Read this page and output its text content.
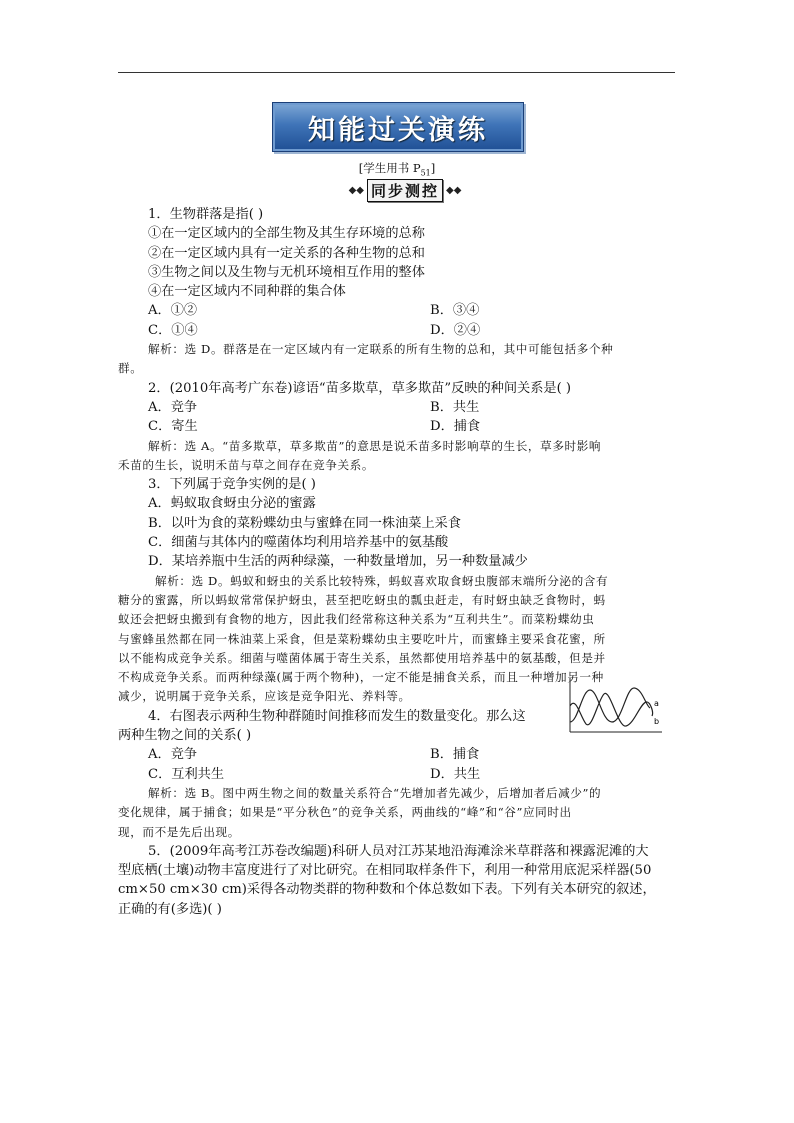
知能过关演练
[学生用书 $P_{51}$]
◆◆ 同步测控 ◆◆
1．生物群落是指( )
①在一定区域内的全部生物及其生存环境的总称
②在一定区域内具有一定关系的各种生物的总和
③生物之间以及生物与无机环境相互作用的整体
④在一定区域内不同种群的集合体
A．①②	B．③④
C．①④	D．②④
解析：选 D。群落是在一定区域内有一定联系的所有生物的总和，其中可能包括多个种
群。
2．(2010年高考广东卷)谚语“苗多欺草，草多欺苗”反映的种间关系是( )
A．竞争	B．共生
C．寄生	D．捕食
解析：选 A。“苗多欺草，草多欺苗”的意思是说禾苗多时影响草的生长，草多时影响
禾苗的生长，说明禾苗与草之间存在竞争关系。
3．下列属于竞争实例的是( )
A．蚂蚁取食蚜虫分泌的蜜露
B．以叶为食的菜粉蝶幼虫与蜜蜂在同一株油菜上采食
C．细菌与其体内的噬菌体均利用培养基中的氨基酸
D．某培养瓶中生活的两种绿藻，一种数量增加，另一种数量减少
解析：选 D。蚂蚁和蚜虫的关系比较特殊，蚂蚁喜欢取食蚜虫腹部末端所分泌的含有
糖分的蜜露，所以蚂蚁常常保护蚜虫，甚至把吃蚜虫的瓢虫赶走，有时蚜虫缺乏食物时，蚂
蚁还会把蚜虫搬到有食物的地方，因此我们经常称这种关系为“互利共生”。而菜粉蝶幼虫
与蜜蜂虽然都在同一株油菜上采食，但是菜粉蝶幼虫主要吃叶片，而蜜蜂主要采食花蜜，所
以不能构成竞争关系。细菌与噬菌体属于寄生关系，虽然都使用培养基中的氨基酸，但是并
不构成竞争关系。而两种绿藻(属于两个物种)，一定不能是捕食关系，而且一种增加另一种
减少，说明属于竞争关系，应该是竞争阳光、养料等。
4．右图表示两种生物种群随时间推移而发生的数量变化。那么这
两种生物之间的关系( )
A．竞争	B．捕食
C．互利共生	D．共生
解析：选 B。图中两生物之间的数量关系符合“先增加者先减少，后增加者后减少”的
变化规律，属于捕食；如果是“平分秋色”的竞争关系，两曲线的“峰”和“谷”应同时出
现，而不是先后出现。
5．(2009年高考江苏卷改编题)科研人员对江苏某地沿海滩涂米草群落和裸露泥滩的大
型底栖(土壤)动物丰富度进行了对比研究。在相同取样条件下，利用一种常用底泥采样器(50
cm×50 cm×30 cm)采得各动物类群的物种数和个体总数如下表。下列有关本研究的叙述，
正确的有(多选)( )
a
b
